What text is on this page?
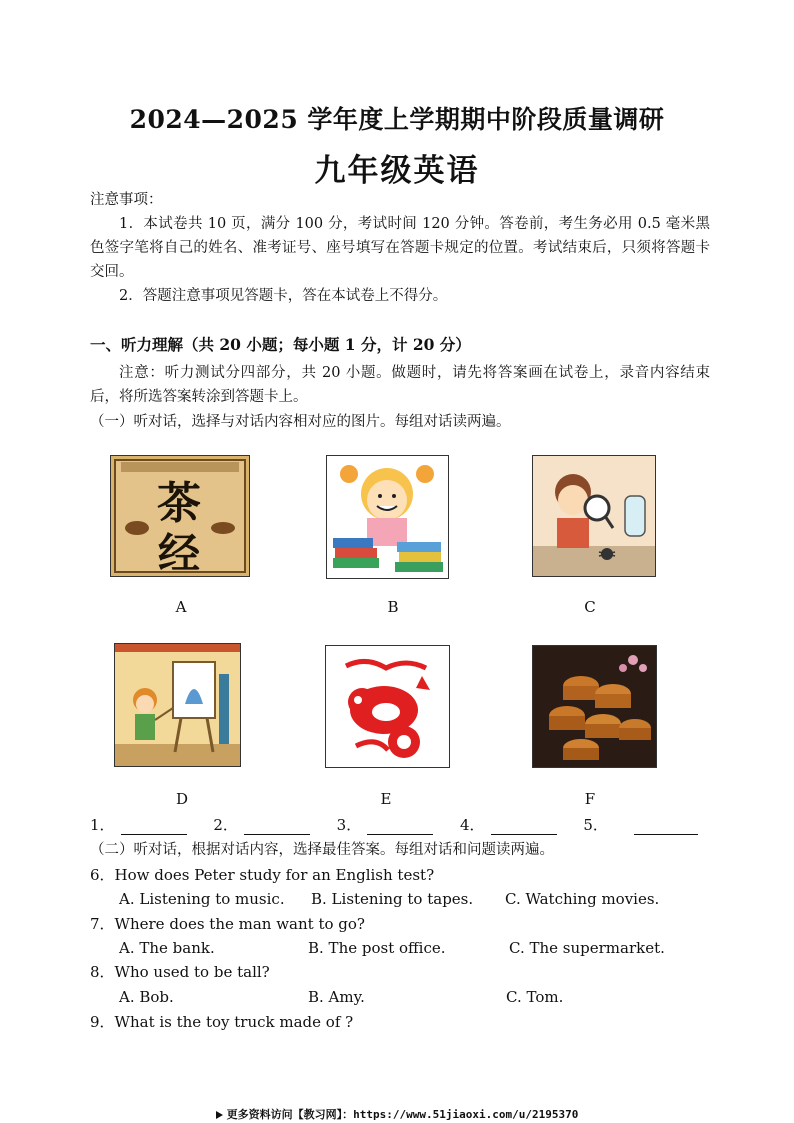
2024—2025 学年度上学期期中阶段质量调研
九年级英语
注意事项：
1．本试卷共 10 页，满分 100 分，考试时间 120 分钟。答卷前，考生务必用 0.5 毫米黑色签字笔将自己的姓名、准考证号、座号填写在答题卡规定的位置。考试结束后，只须将答题卡交回。
2．答题注意事项见答题卡，答在本试卷上不得分。
一、听力理解（共 20 小题；每小题 1 分，计 20 分）
注意：听力测试分四部分，共 20 小题。做题时，请先将答案画在试卷上，录音内容结束后，将所选答案转涂到答题卡上。
（一）听对话，选择与对话内容相对应的图片。每组对话读两遍。
茶
经
A	B	C
D	E	F
1．	2．	3．	4．	5．
（二）听对话，根据对话内容，选择最佳答案。每组对话和问题读两遍。
6．How does Peter study for an English test?
A. Listening to music. B. Listening to tapes. C. Watching movies.
7．Where does the man want to go?
A. The bank.	B. The post office.	C. The supermarket.
8．Who used to be tall?
A. Bob.	B. Amy.	C. Tom.
9．What is the toy truck made of ?
更多资料访问【教习网】：https://www.51jiaoxi.com/u/2195370
